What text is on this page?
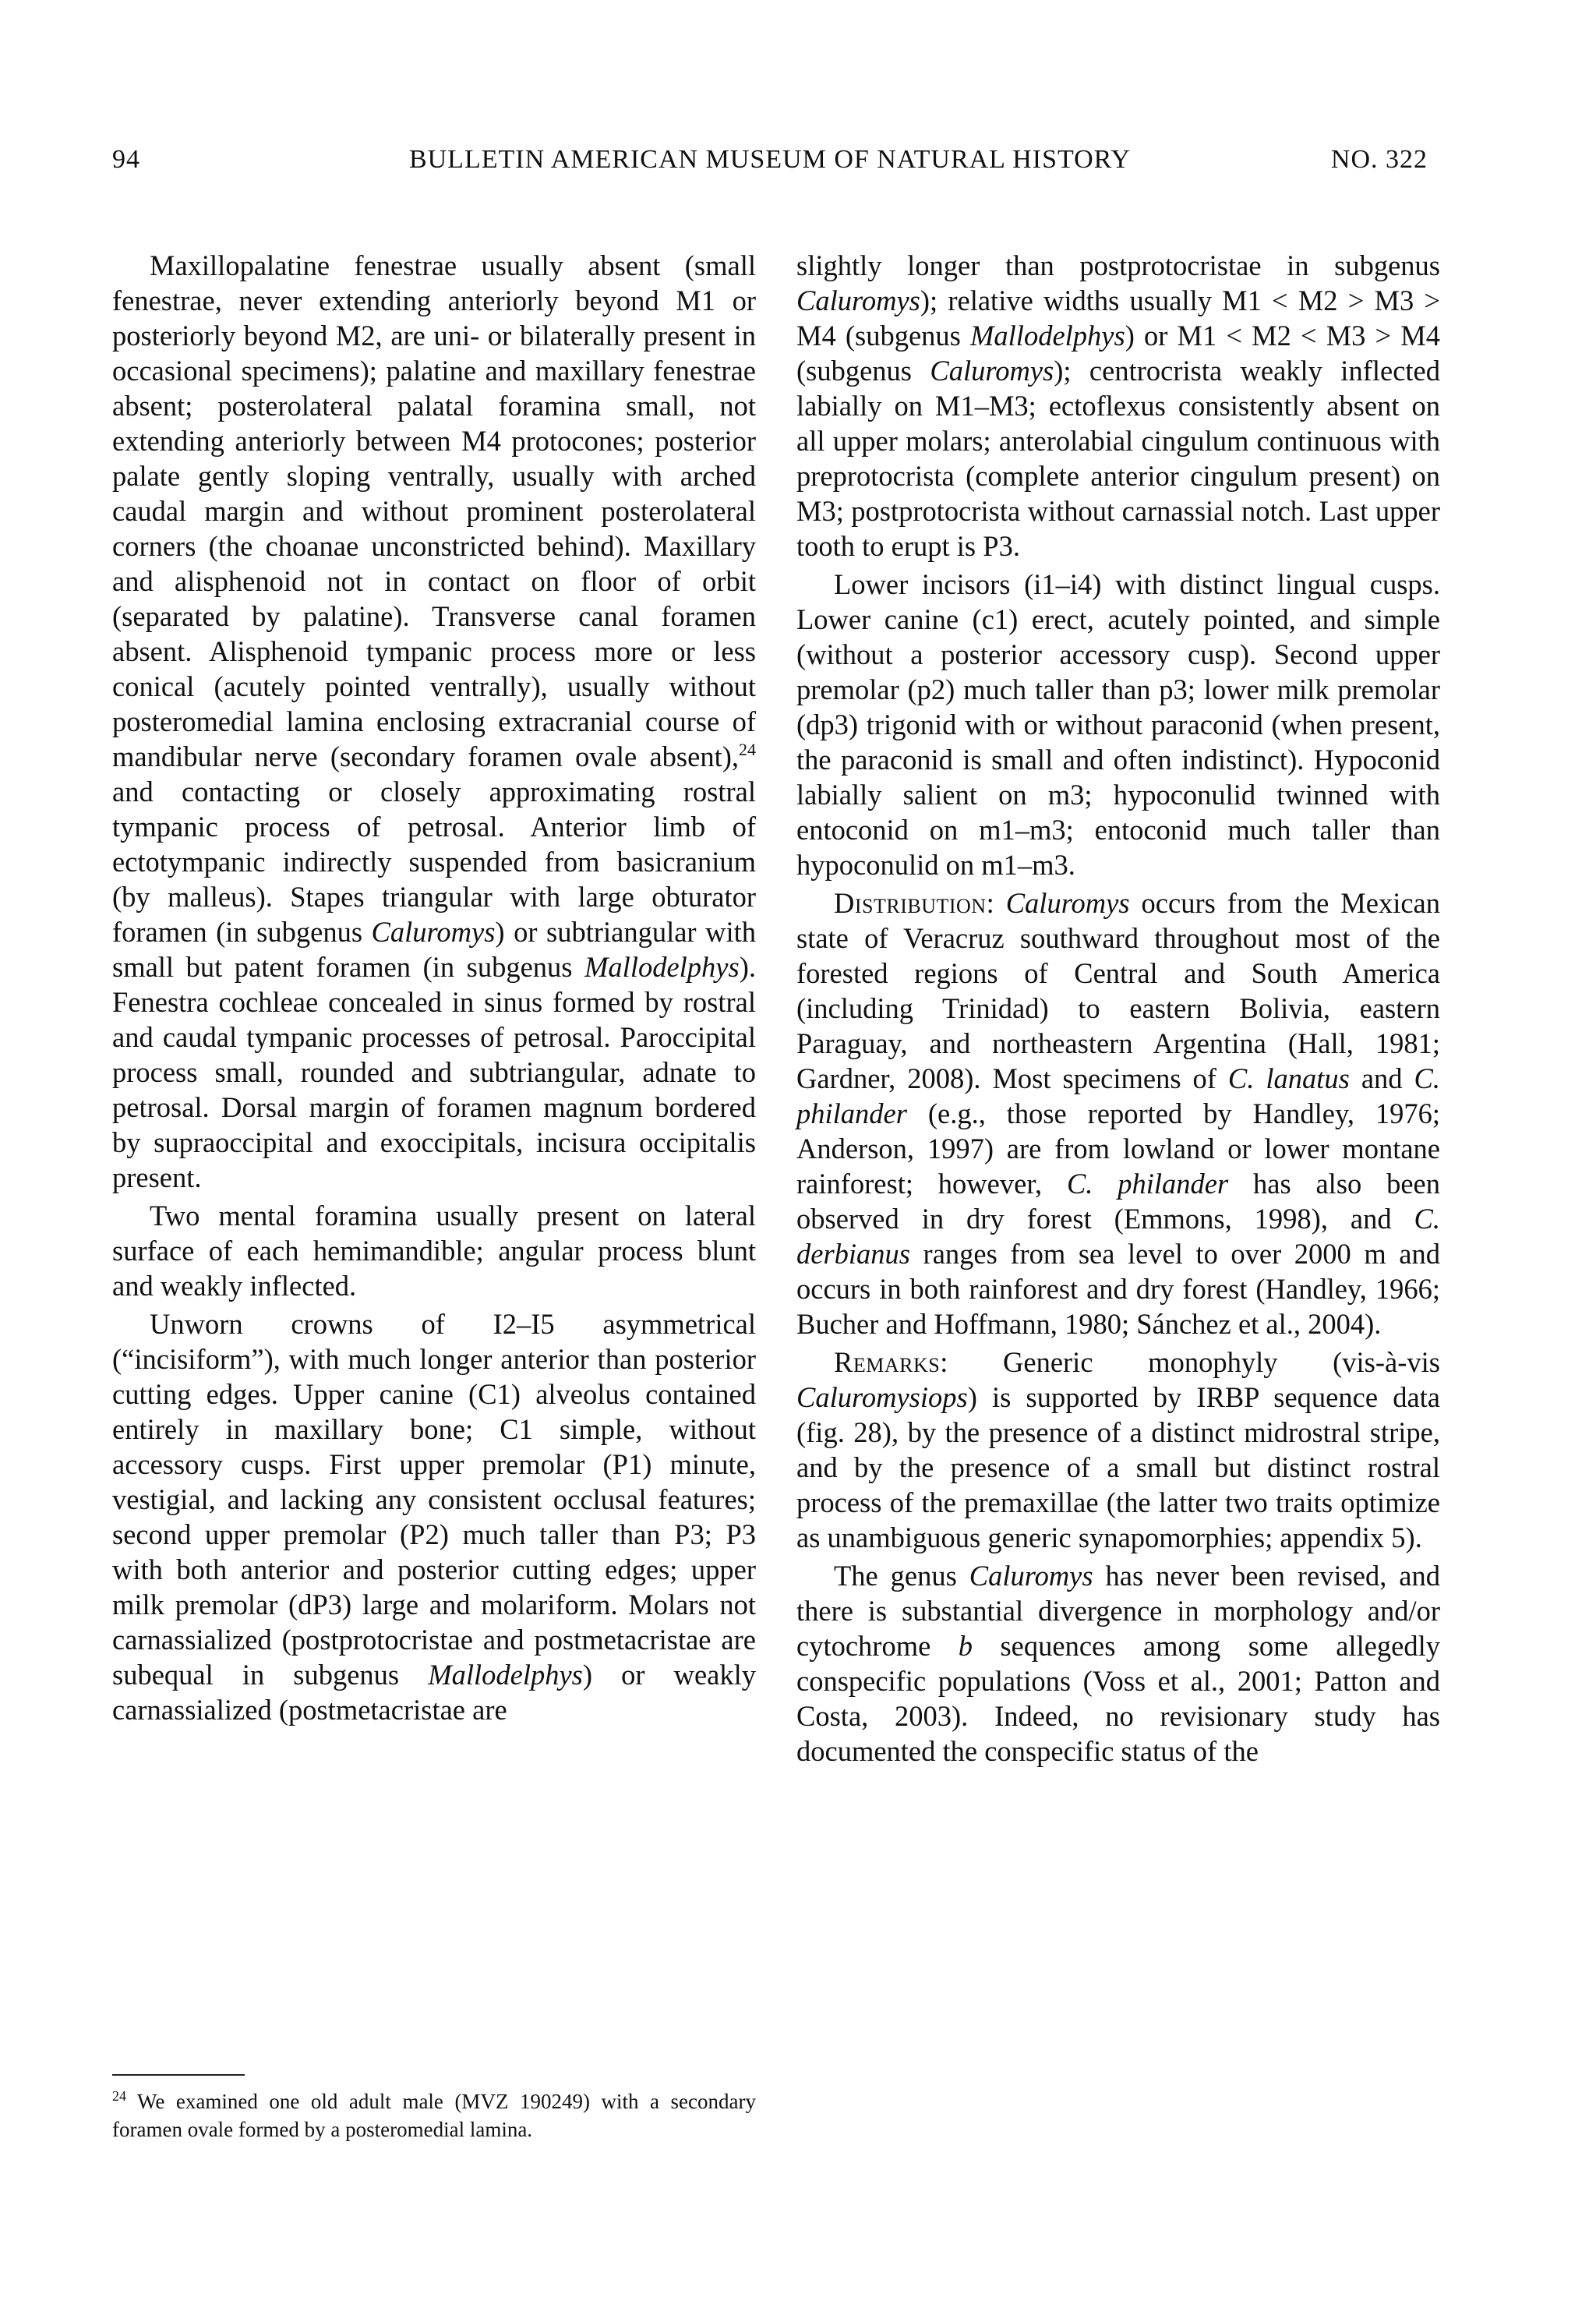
94	BULLETIN AMERICAN MUSEUM OF NATURAL HISTORY	NO. 322

Maxillopalatine fenestrae usually absent (small fenestrae, never extending anteriorly beyond M1 or posteriorly beyond M2, are uni- or bilaterally present in occasional specimens); palatine and maxillary fenestrae absent; posterolateral palatal foramina small, not extending anteriorly between M4 protocones; posterior palate gently sloping ventrally, usually with arched caudal margin and without prominent posterolateral corners (the choanae unconstricted behind). Maxillary and alisphenoid not in contact on floor of orbit (separated by palatine). Transverse canal foramen absent. Alisphenoid tympanic process more or less conical (acutely pointed ventrally), usually without posteromedial lamina enclosing extracranial course of mandibular nerve (secondary foramen ovale absent),$^{24}$ and contacting or closely approximating rostral tympanic process of petrosal. Anterior limb of ectotympanic indirectly suspended from basicranium (by malleus). Stapes triangular with large obturator foramen (in subgenus Caluromys) or subtriangular with small but patent foramen (in subgenus Mallodelphys). Fenestra cochleae concealed in sinus formed by rostral and caudal tympanic processes of petrosal. Paroccipital process small, rounded and subtriangular, adnate to petrosal. Dorsal margin of foramen magnum bordered by supraoccipital and exoccipitals, incisura occipitalis present.

Two mental foramina usually present on lateral surface of each hemimandible; angular process blunt and weakly inflected.

Unworn crowns of I2–I5 asymmetrical (“incisiform”), with much longer anterior than posterior cutting edges. Upper canine (C1) alveolus contained entirely in maxillary bone; C1 simple, without accessory cusps. First upper premolar (P1) minute, vestigial, and lacking any consistent occlusal features; second upper premolar (P2) much taller than P3; P3 with both anterior and posterior cutting edges; upper milk premolar (dP3) large and molariform. Molars not carnassialized (postprotocristae and postmetacristae are subequal in subgenus Mallodelphys) or weakly carnassialized (postmetacristae are

slightly longer than postprotocristae in subgenus Caluromys); relative widths usually M1 < M2 > M3 > M4 (subgenus Mallodelphys) or M1 < M2 < M3 > M4 (subgenus Caluromys); centrocrista weakly inflected labially on M1–M3; ectoflexus consistently absent on all upper molars; anterolabial cingulum continuous with preprotocrista (complete anterior cingulum present) on M3; postprotocrista without carnassial notch. Last upper tooth to erupt is P3.

Lower incisors (i1–i4) with distinct lingual cusps. Lower canine (c1) erect, acutely pointed, and simple (without a posterior accessory cusp). Second upper premolar (p2) much taller than p3; lower milk premolar (dp3) trigonid with or without paraconid (when present, the paraconid is small and often indistinct). Hypoconid labially salient on m3; hypoconulid twinned with entoconid on m1–m3; entoconid much taller than hypoconulid on m1–m3.

Distribution: Caluromys occurs from the Mexican state of Veracruz southward throughout most of the forested regions of Central and South America (including Trinidad) to eastern Bolivia, eastern Paraguay, and northeastern Argentina (Hall, 1981; Gardner, 2008). Most specimens of C. lanatus and C. philander (e.g., those reported by Handley, 1976; Anderson, 1997) are from lowland or lower montane rainforest; however, C. philander has also been observed in dry forest (Emmons, 1998), and C. derbianus ranges from sea level to over 2000 m and occurs in both rainforest and dry forest (Handley, 1966; Bucher and Hoffmann, 1980; Sánchez et al., 2004).

Remarks: Generic monophyly (vis-à-vis Caluromysiops) is supported by IRBP sequence data (fig. 28), by the presence of a distinct midrostral stripe, and by the presence of a small but distinct rostral process of the premaxillae (the latter two traits optimize as unambiguous generic synapomorphies; appendix 5).

The genus Caluromys has never been revised, and there is substantial divergence in morphology and/or cytochrome b sequences among some allegedly conspecific populations (Voss et al., 2001; Patton and Costa, 2003). Indeed, no revisionary study has documented the conspecific status of the

$^{24}$ We examined one old adult male (MVZ 190249) with a secondary foramen ovale formed by a posteromedial lamina.
